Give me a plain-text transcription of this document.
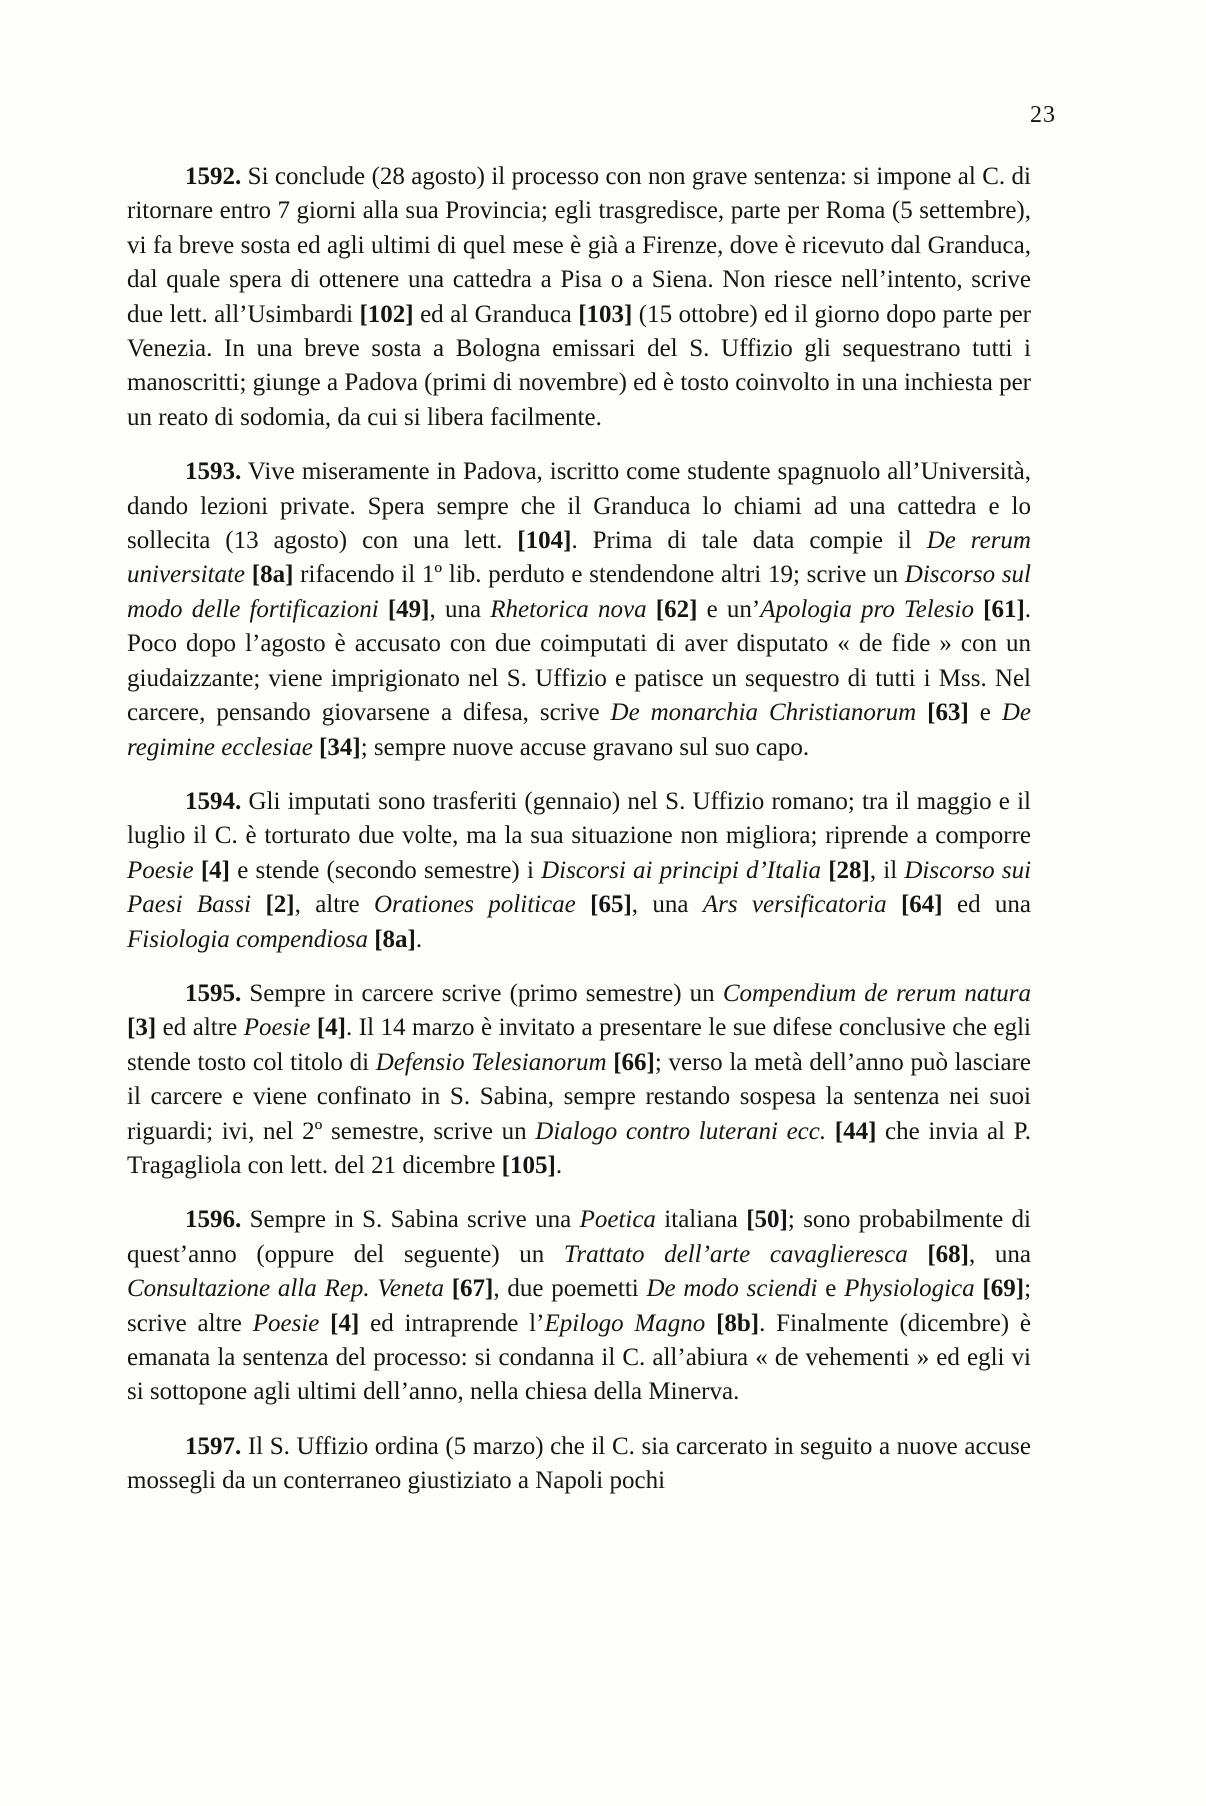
23

1592. Si conclude (28 agosto) il processo con non grave sentenza: si impone al C. di ritornare entro 7 giorni alla sua Provincia; egli trasgredisce, parte per Roma (5 settembre), vi fa breve sosta ed agli ultimi di quel mese è già a Firenze, dove è ricevuto dal Granduca, dal quale spera di ottenere una cattedra a Pisa o a Siena. Non riesce nell’intento, scrive due lett. all’Usimbardi [102] ed al Granduca [103] (15 ottobre) ed il giorno dopo parte per Venezia. In una breve sosta a Bologna emissari del S. Uffizio gli sequestrano tutti i manoscritti; giunge a Padova (primi di novembre) ed è tosto coinvolto in una inchiesta per un reato di sodomia, da cui si libera facilmente.

1593. Vive miseramente in Padova, iscritto come studente spagnuolo all’Università, dando lezioni private. Spera sempre che il Granduca lo chiami ad una cattedra e lo sollecita (13 agosto) con una lett. [104]. Prima di tale data compie il De rerum universitate [8a] rifacendo il 1º lib. perduto e stendendone altri 19; scrive un Discorso sul modo delle fortificazioni [49], una Rhetorica nova [62] e un’Apologia pro Telesio [61]. Poco dopo l’agosto è accusato con due coimputati di aver disputato « de fide » con un giudaizzante; viene imprigionato nel S. Uffizio e patisce un sequestro di tutti i Mss. Nel carcere, pensando giovarsene a difesa, scrive De monarchia Christianorum [63] e De regimine ecclesiae [34]; sempre nuove accuse gravano sul suo capo.

1594. Gli imputati sono trasferiti (gennaio) nel S. Uffizio romano; tra il maggio e il luglio il C. è torturato due volte, ma la sua situazione non migliora; riprende a comporre Poesie [4] e stende (secondo semestre) i Discorsi ai principi d’Italia [28], il Discorso sui Paesi Bassi [2], altre Orationes politicae [65], una Ars versificatoria [64] ed una Fisiologia compendiosa [8a].

1595. Sempre in carcere scrive (primo semestre) un Compendium de rerum natura [3] ed altre Poesie [4]. Il 14 marzo è invitato a presentare le sue difese conclusive che egli stende tosto col titolo di Defensio Telesianorum [66]; verso la metà dell’anno può lasciare il carcere e viene confinato in S. Sabina, sempre restando sospesa la sentenza nei suoi riguardi; ivi, nel 2º semestre, scrive un Dialogo contro luterani ecc. [44] che invia al P. Tragagliola con lett. del 21 dicembre [105].

1596. Sempre in S. Sabina scrive una Poetica italiana [50]; sono probabilmente di quest’anno (oppure del seguente) un Trattato dell’arte cavaglieresca [68], una Consultazione alla Rep. Veneta [67], due poemetti De modo sciendi e Physiologica [69]; scrive altre Poesie [4] ed intraprende l’Epilogo Magno [8b]. Finalmente (dicembre) è emanata la sentenza del processo: si condanna il C. all’abiura « de vehementi » ed egli vi si sottopone agli ultimi dell’anno, nella chiesa della Minerva.

1597. Il S. Uffizio ordina (5 marzo) che il C. sia carcerato in seguito a nuove accuse mossegli da un conterraneo giustiziato a Napoli pochi
